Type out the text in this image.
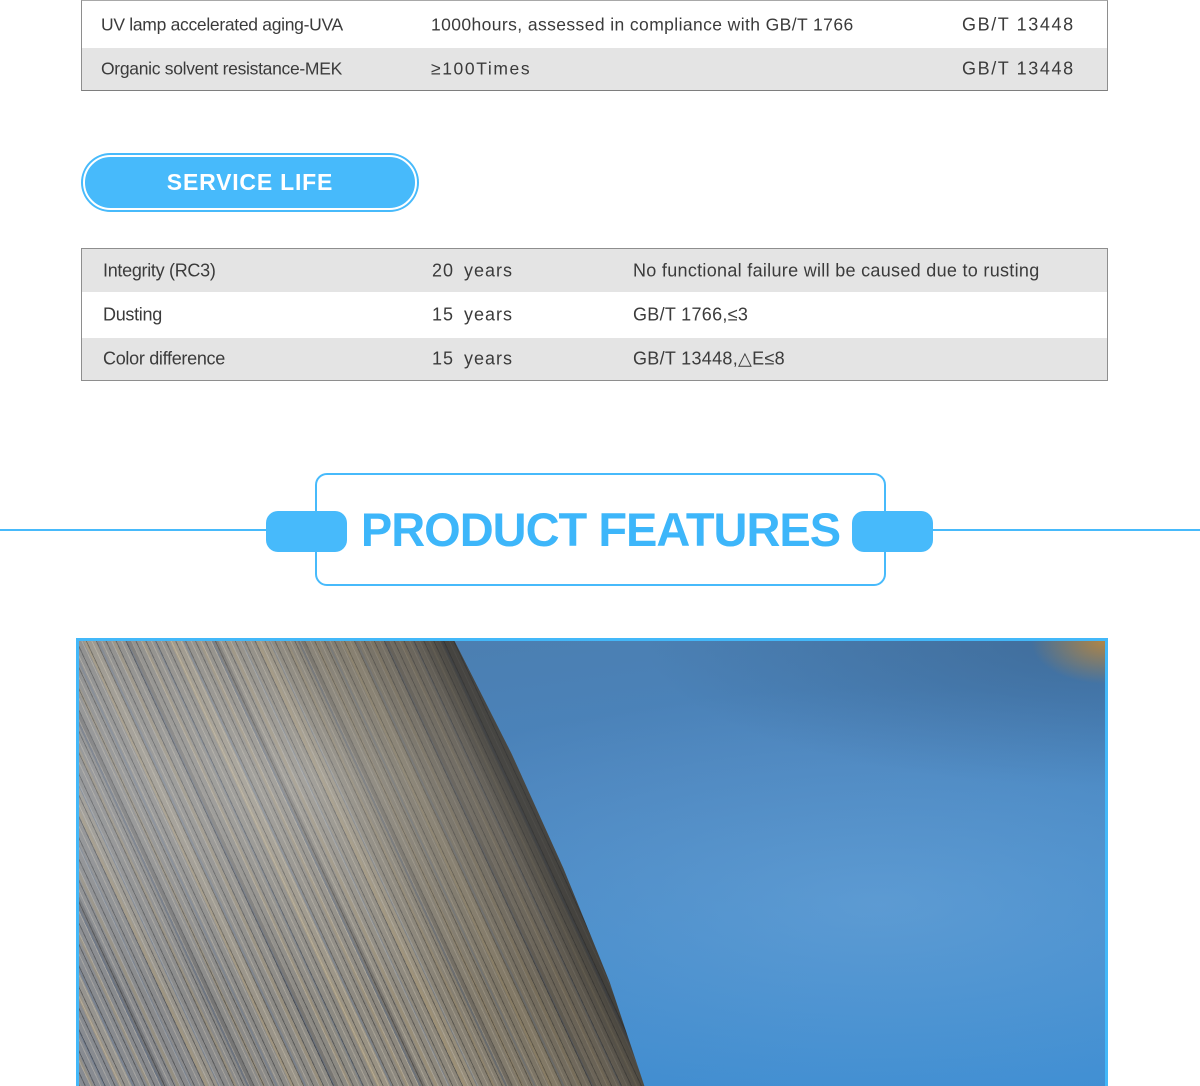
UV lamp accelerated aging-UVA	1000hours, assessed in compliance with GB/T 1766	GB/T 13448
Organic solvent resistance-MEK	≥100Times	GB/T 13448
SERVICE LIFE
Integrity (RC3)	20 years	No functional failure will be caused due to rusting
Dusting	15 years	GB/T 1766,≤3
Color difference	15 years	GB/T 13448,△E≤8
PRODUCT FEATURES
